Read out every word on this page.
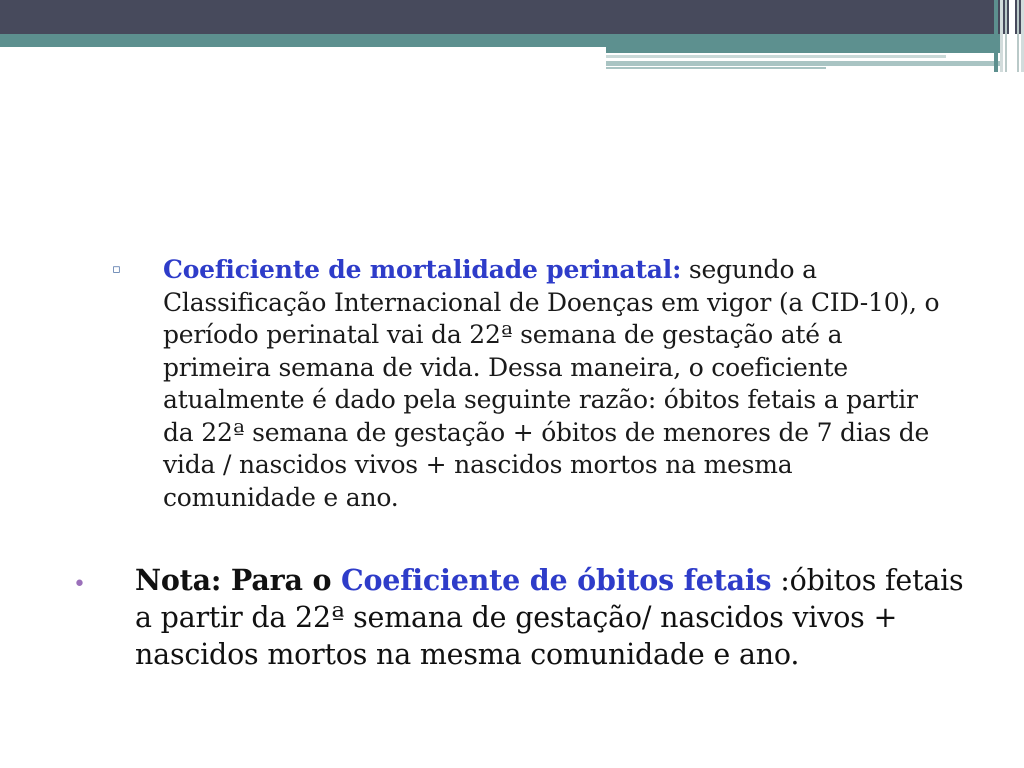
▫ Coeficiente de mortalidade perinatal: segundo a Classificação Internacional de Doenças em vigor (a CID-10), o período perinatal vai da 22ª semana de gestação até a primeira semana de vida. Dessa maneira, o coeficiente atualmente é dado pela seguinte razão: óbitos fetais a partir da 22ª semana de gestação + óbitos de menores de 7 dias de vida / nascidos vivos + nascidos mortos na mesma comunidade e ano.
• Nota: Para o Coeficiente de óbitos fetais :óbitos fetais a partir da 22ª semana de gestação/ nascidos vivos + nascidos mortos na mesma comunidade e ano.
